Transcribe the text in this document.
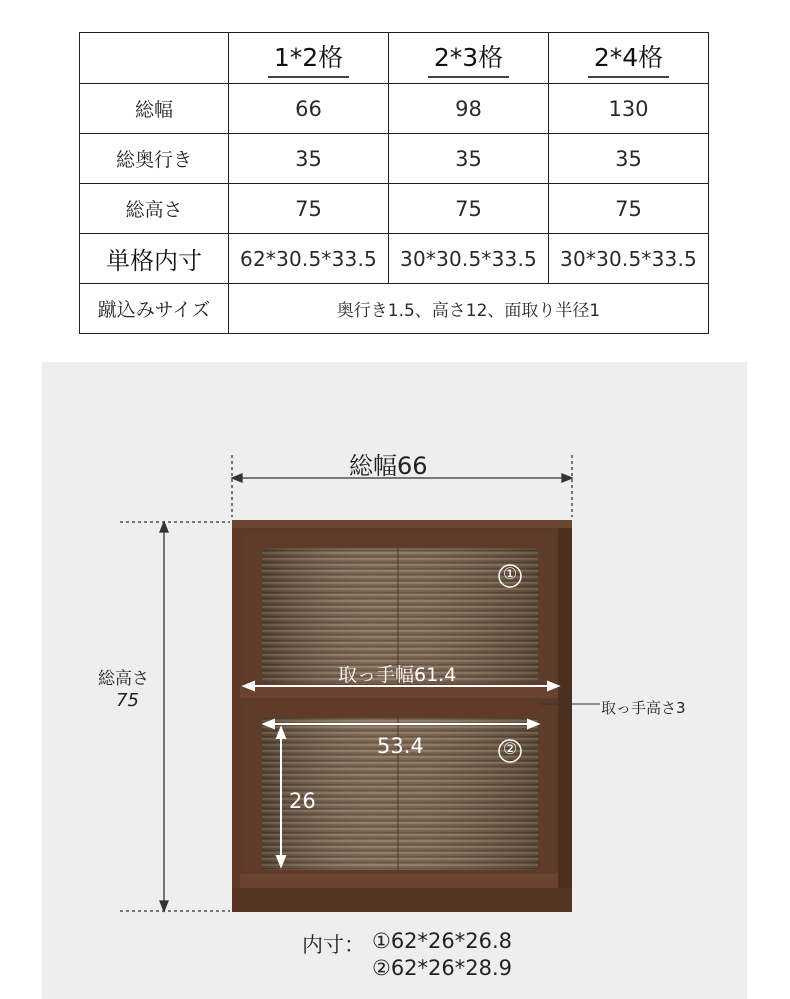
	1*2格	2*3格	2*4格
総幅	66	98	130
総奥行き	35	35	35
総高さ	75	75	75
単格内寸	62*30.5*33.5	30*30.5*33.5	30*30.5*33.5
蹴込みサイズ	奥行き1.5、高さ12、面取り半径1		
総幅66
総高さ
75
取っ手幅61.4
取っ手高さ3
53.4
26
①
②
内寸： ①62*26*26.8
②62*26*28.9
